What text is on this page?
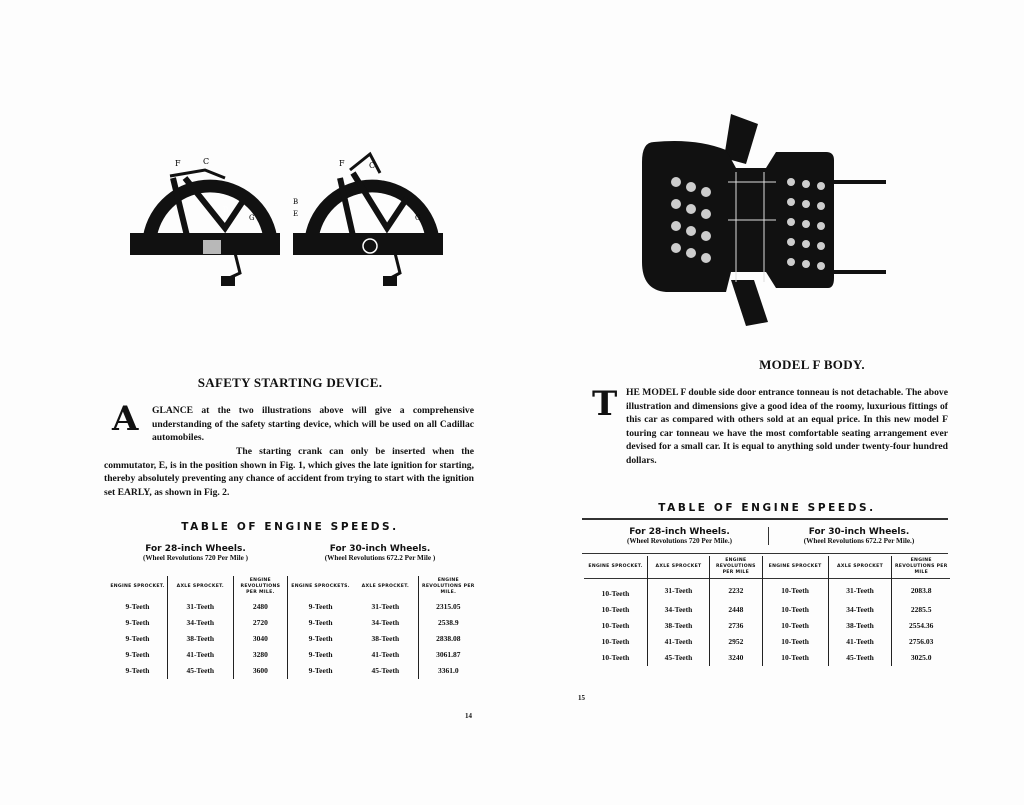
F	C
D
G
F	C
B
E	G
SAFETY STARTING DEVICE.
A GLANCE at the two illustrations above will give a comprehensive understanding of the safety starting device, which will be used on all Cadillac automobiles.
The starting crank can only be inserted when the commutator, E, is in the position shown in Fig. 1, which gives the late ignition for starting, thereby absolutely preventing any chance of accident from trying to start with the ignition set EARLY, as shown in Fig. 2.
TABLE OF ENGINE SPEEDS.
For 28-inch Wheels.
(Wheel Revolutions 720 Per Mile )
For 30-inch Wheels.
(Wheel Revolutions 672.2 Per Mile )
ENGINE SPROCKET.	AXLE SPROCKET.	ENGINE REVOLUTIONS PER MILE.	ENGINE SPROCKETS.	AXLE SPROCKET.	ENGINE REVOLUTIONS PER MILE.
9-Teeth	31-Teeth	2480	9-Teeth	31-Teeth	2315.05
9-Teeth	34-Teeth	2720	9-Teeth	34-Teeth	2538.9
9-Teeth	38-Teeth	3040	9-Teeth	38-Teeth	2838.08
9-Teeth	41-Teeth	3280	9-Teeth	41-Teeth	3061.87
9-Teeth	45-Teeth	3600	9-Teeth	45-Teeth	3361.0
14
MODEL F BODY.
T HE MODEL F double side door entrance tonneau is not detachable. The above illustration and dimensions give a good idea of the roomy, luxurious fittings of this car as compared with others sold at an equal price. In this new model F touring car tonneau we have the most comfortable seating arrangement ever devised for a small car. It is equal to anything sold under twenty-four hundred dollars.
TABLE OF ENGINE SPEEDS.
For 28-inch Wheels.
(Wheel Revolutions 720 Per Mile.)
For 30-inch Wheels.
(Wheel Revolutions 672.2 Per Mile.)
ENGINE SPROCKET.	AXLE SPROCKET	ENGINE REVOLUTIONS PER MILE	ENGINE SPROCKET	AXLE SPROCKET	ENGINE REVOLUTIONS PER MILE
10-Teeth	31-Teeth	2232	10-Teeth	31-Teeth	2083.8
10-Teeth	34-Teeth	2448	10-Teeth	34-Teeth	2285.5
10-Teeth	38-Teeth	2736	10-Teeth	38-Teeth	2554.36
10-Teeth	41-Teeth	2952	10-Teeth	41-Teeth	2756.03
10-Teeth	45-Teeth	3240	10-Teeth	45-Teeth	3025.0
15
